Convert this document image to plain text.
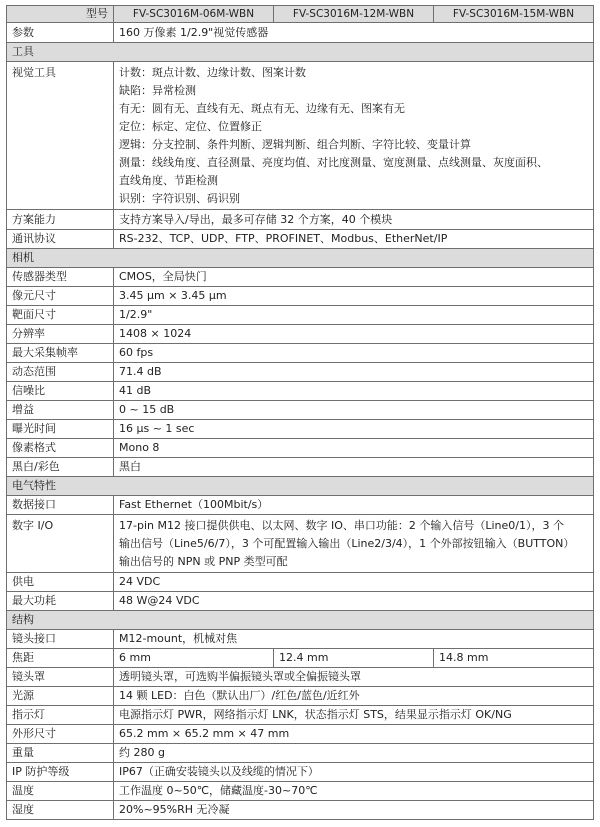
型号	FV-SC3016M-06M-WBN	FV-SC3016M-12M-WBN	FV-SC3016M-15M-WBN
参数	160 万像素 1/2.9"视觉传感器
工具
视觉工具	计数：斑点计数、边缘计数、图案计数
缺陷：异常检测
有无：圆有无、直线有无、斑点有无、边缘有无、图案有无
定位：标定、定位、位置修正
逻辑：分支控制、条件判断、逻辑判断、组合判断、字符比较、变量计算
测量：线线角度、直径测量、亮度均值、对比度测量、宽度测量、点线测量、灰度面积、
直线角度、节距检测
识别：字符识别、码识别
方案能力	支持方案导入/导出，最多可存储 32 个方案，40 个模块
通讯协议	RS-232、TCP、UDP、FTP、PROFINET、Modbus、EtherNet/IP
相机
传感器类型	CMOS，全局快门
像元尺寸	3.45 μm × 3.45 μm
靶面尺寸	1/2.9"
分辨率	1408 × 1024
最大采集帧率	60 fps
动态范围	71.4 dB
信噪比	41 dB
增益	0 ~ 15 dB
曝光时间	16 μs ~ 1 sec
像素格式	Mono 8
黑白/彩色	黑白
电气特性
数据接口	Fast Ethernet（100Mbit/s）
数字 I/O	17-pin M12 接口提供供电、以太网、数字 IO、串口功能：2 个输入信号（Line0/1），3 个
输出信号（Line5/6/7），3 个可配置输入输出（Line2/3/4），1 个外部按钮输入（BUTTON）
输出信号的 NPN 或 PNP 类型可配
供电	24 VDC
最大功耗	48 W@24 VDC
结构
镜头接口	M12-mount，机械对焦
焦距	6 mm	12.4 mm	14.8 mm
镜头罩	透明镜头罩，可选购半偏振镜头罩或全偏振镜头罩
光源	14 颗 LED：白色（默认出厂）/红色/蓝色/近红外
指示灯	电源指示灯 PWR，网络指示灯 LNK，状态指示灯 STS，结果显示指示灯 OK/NG
外形尺寸	65.2 mm × 65.2 mm × 47 mm
重量	约 280 g
IP 防护等级	IP67（正确安装镜头以及线缆的情况下）
温度	工作温度 0~50℃，储藏温度-30~70℃
湿度	20%~95%RH 无冷凝
